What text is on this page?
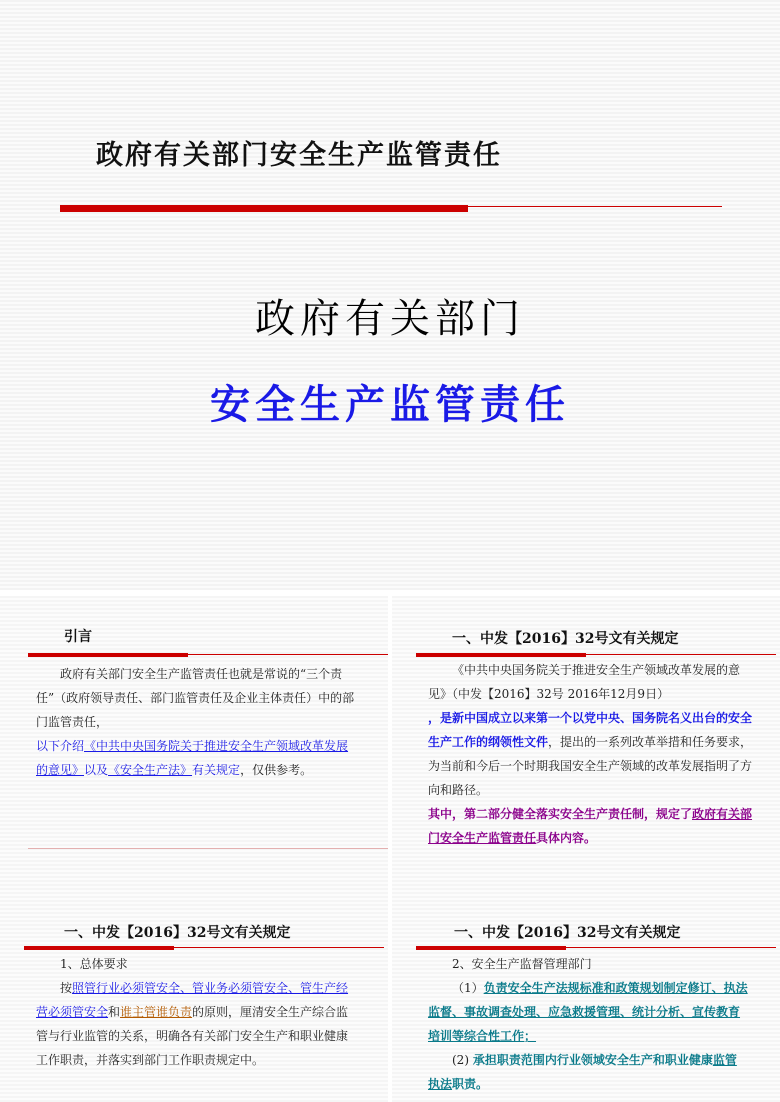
政府有关部门安全生产监管责任
政府有关部门
安全生产监管责任
引言

政府有关部门安全生产监管责任也就是常说的“三个责任”（政府领导责任、部门监管责任及企业主体责任）中的部门监管责任，

以下介绍《中共中央国务院关于推进安全生产领域改革发展的意见》以及《安全生产法》有关规定，仅供参考。

一、中发【2016】32号文有关规定

《中共中央国务院关于推进安全生产领域改革发展的意见》（中发【2016】32号 2016年12月9日）

，是新中国成立以来第一个以党中央、国务院名义出台的安全生产工作的纲领性文件，提出的一系列改革举措和任务要求，为当前和今后一个时期我国安全生产领域的改革发展指明了方向和路径。

其中，第二部分健全落实安全生产责任制，规定了政府有关部门安全生产监管责任具体内容。

一、中发【2016】32号文有关规定

1、总体要求

按照管行业必须管安全、管业务必须管安全、管生产经营必须管安全和谁主管谁负责的原则，厘清安全生产综合监管与行业监管的关系，明确各有关部门安全生产和职业健康工作职责，并落实到部门工作职责规定中。

一、中发【2016】32号文有关规定

2、安全生产监督管理部门

（1）负责安全生产法规标准和政策规划制定修订、执法监督、事故调查处理、应急救援管理、统计分析、宣传教育培训等综合性工作；

(2) 承担职责范围内行业领域安全生产和职业健康监管执法职责。
